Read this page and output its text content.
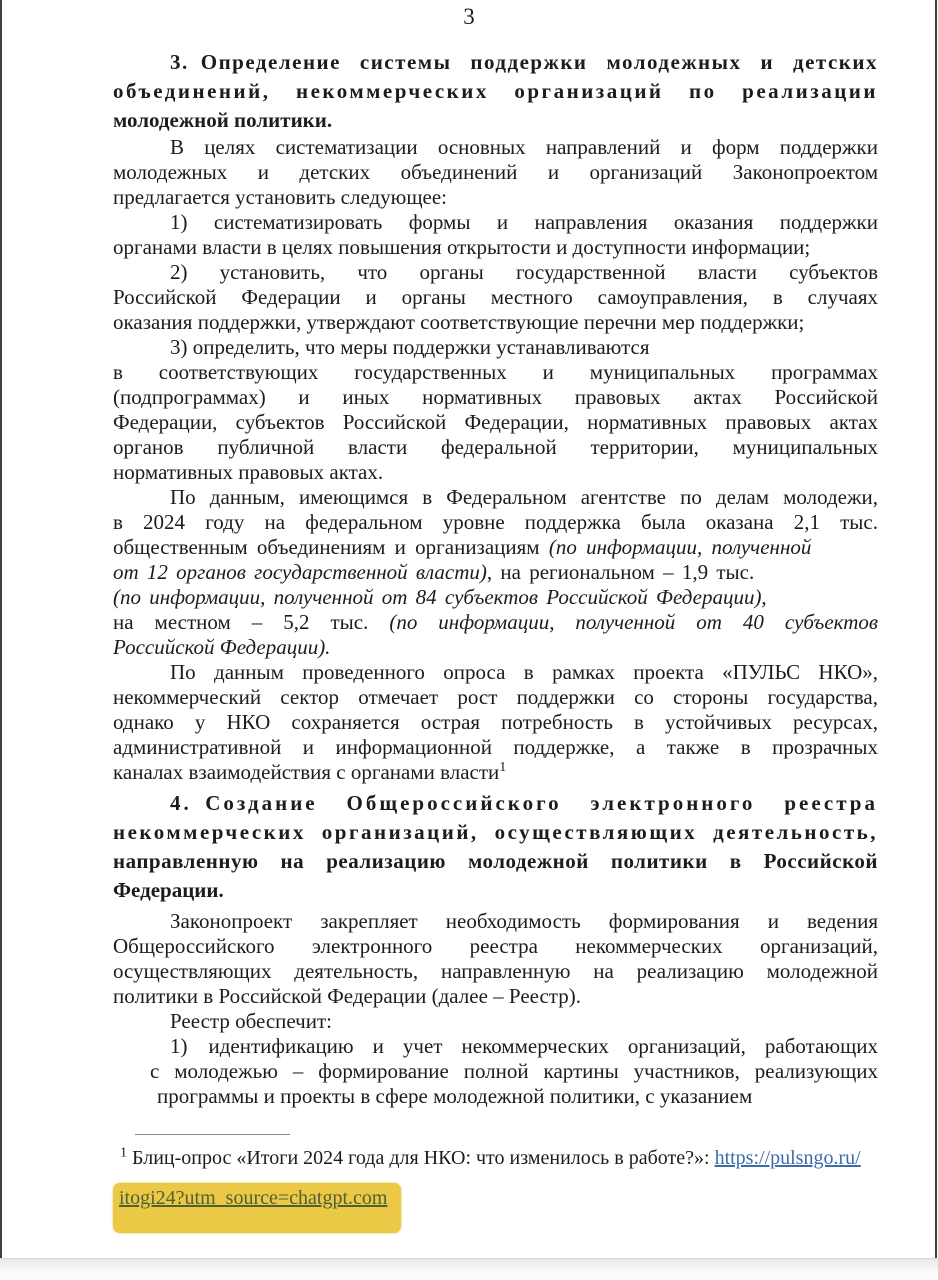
3
3. Определение системы поддержки молодежных и детских
объединений, некоммерческих организаций по реализации
молодежной политики.
В целях систематизации основных направлений и форм поддержки
молодежных и детских объединений и организаций Законопроектом
предлагается установить следующее:
1) систематизировать формы и направления оказания поддержки
органами власти в целях повышения открытости и доступности информации;
2) установить, что органы государственной власти субъектов
Российской Федерации и органы местного самоуправления, в случаях
оказания поддержки, утверждают соответствующие перечни мер поддержки;
3) определить, что меры поддержки устанавливаются
в соответствующих государственных и муниципальных программах
(подпрограммах) и иных нормативных правовых актах Российской
Федерации, субъектов Российской Федерации, нормативных правовых актах
органов публичной власти федеральной территории, муниципальных
нормативных правовых актах.
По данным, имеющимся в Федеральном агентстве по делам молодежи,
в 2024 году на федеральном уровне поддержка была оказана 2,1 тыс.
общественным объединениям и организациям (по информации, полученной
от 12 органов государственной власти), на региональном – 1,9 тыс.
(по информации, полученной от 84 субъектов Российской Федерации),
на местном – 5,2 тыс. (по информации, полученной от 40 субъектов
Российской Федерации).
По данным проведенного опроса в рамках проекта «ПУЛЬС НКО»,
некоммерческий сектор отмечает рост поддержки со стороны государства,
однако у НКО сохраняется острая потребность в устойчивых ресурсах,
административной и информационной поддержке, а также в прозрачных
каналах взаимодействия с органами власти$^1$
4. Создание Общероссийского электронного реестра
некоммерческих организаций, осуществляющих деятельность,
направленную на реализацию молодежной политики в Российской
Федерации.
Законопроект закрепляет необходимость формирования и ведения
Общероссийского электронного реестра некоммерческих организаций,
осуществляющих деятельность, направленную на реализацию молодежной
политики в Российской Федерации (далее – Реестр).
Реестр обеспечит:
1) идентификацию и учет некоммерческих организаций, работающих
с молодежью – формирование полной картины участников, реализующих
программы и проекты в сфере молодежной политики, с указанием
$^1$ Блиц-опрос «Итоги 2024 года для НКО: что изменилось в работе?»: https://pulsngo.ru/
itogi24?utm_source=chatgpt.com
